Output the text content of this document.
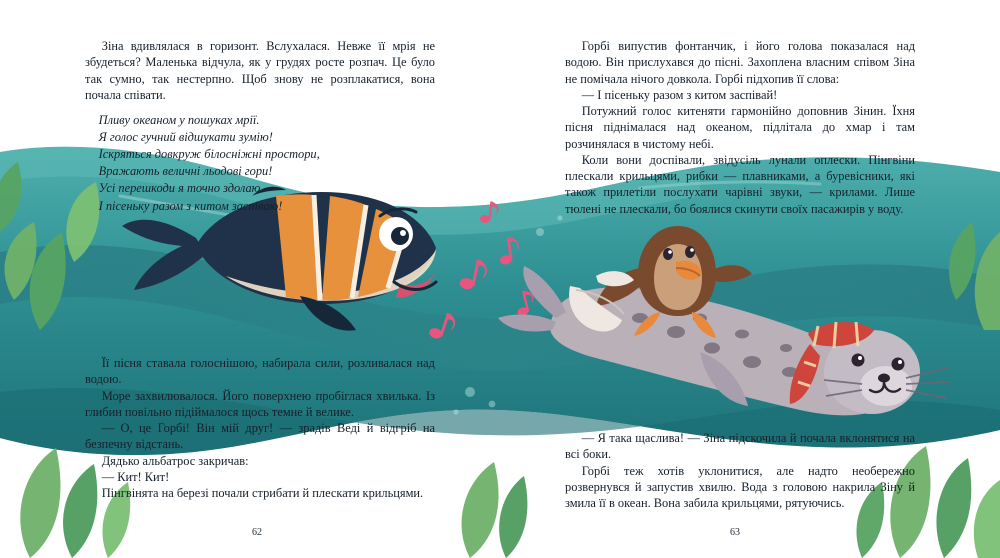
Зіна вдивлялася в горизонт. Вслухалася. Невже її мрія не збудеться? Маленька відчула, як у грудях росте розпач. Це було так сумно, так нестерпно. Щоб знову не розплакатися, вона почала співати.

Пливу океаном у пошуках мрії.
Я голос гучний відшукати зумію!
Іскряться довкруж білосніжні простори,
Вражають величні льодові гори!
Усі перешкоди я точно здолаю —
І пісеньку разом з китом заспіваю!

Горбі випустив фонтанчик, і його голова показалася над водою. Він прислухався до пісні. Захоплена власним співом Зіна не помічала нічого довкола. Горбі підхопив її слова:

— І пісеньку разом з китом заспівай!

Потужний голос китеняти гармонійно доповнив Зінин. Їхня пісня піднімалася над океаном, підлітала до хмар і там розчинялася в чистому небі.

Коли вони доспівали, звідусіль лунали оплески. Пінгвіни плескали крильцями, рибки — плавниками, а буревісники, які також прилетіли послухати чарівні звуки, — крилами. Лише тюлені не плескали, бо боялися скинути своїх пасажирів у воду.

Її пісня ставала голоснішою, набирала сили, розливалася над водою.

Море захвилювалося. Його поверхнею пробіглася хвилька. Із глибин повільно підіймалося щось темне й велике.

— О, це Горбі! Він мій друг! — зрадів Веді й відгріб на безпечну відстань.

Дядько альбатрос закричав:

— Кит! Кит!

Пінгвінята на березі почали стрибати й плескати крильцями.

— Я така щаслива! — Зіна підскочила й почала вклонятися на всі боки.

Горбі теж хотів уклонитися, але надто необережно розвернувся й запустив хвилю. Вода з головою накрила Зіну й змила її в океан. Вона забила крильцями, рятуючись.

62	63
